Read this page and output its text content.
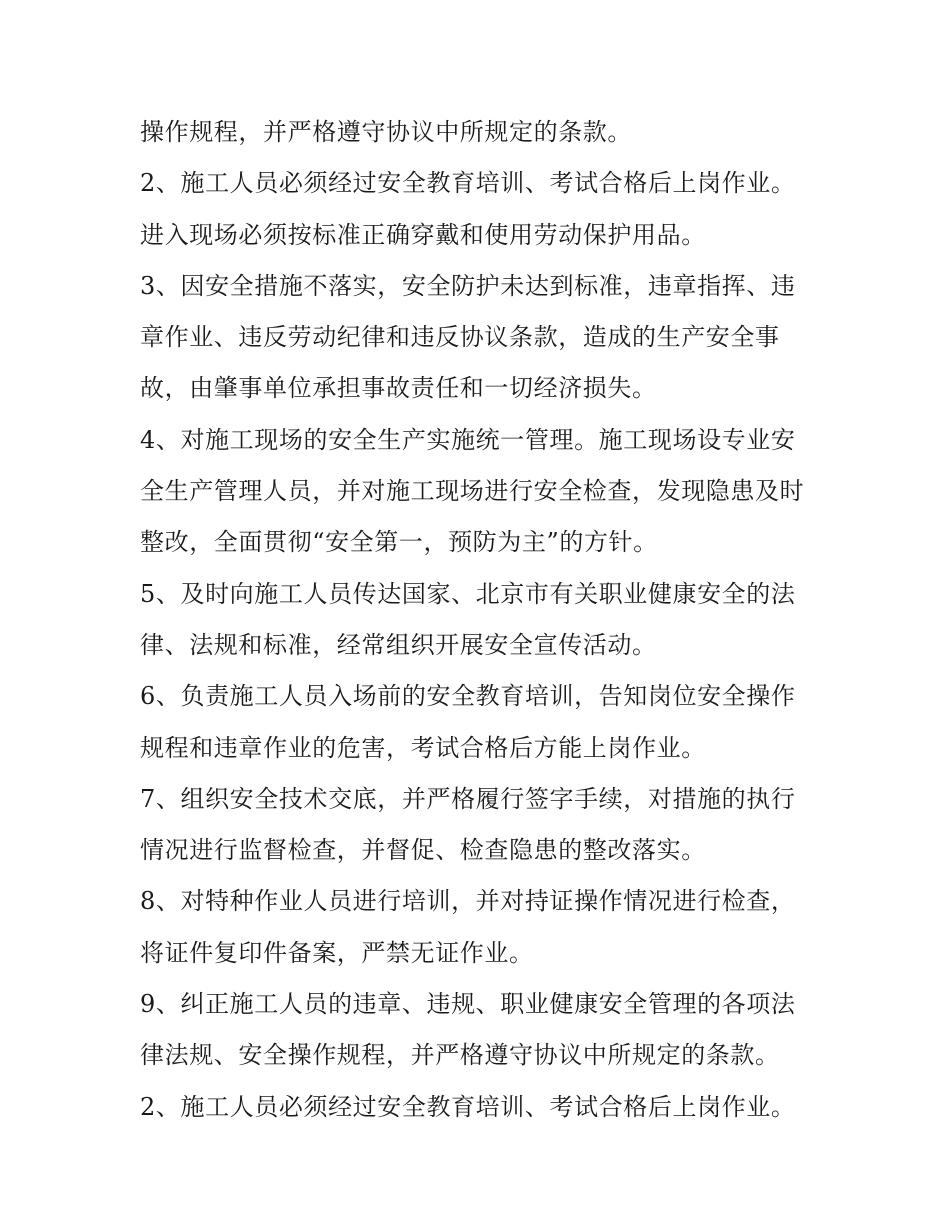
操作规程，并严格遵守协议中所规定的条款。
2、施工人员必须经过安全教育培训、考试合格后上岗作业。
进入现场必须按标准正确穿戴和使用劳动保护用品。
3、因安全措施不落实，安全防护未达到标准，违章指挥、违
章作业、违反劳动纪律和违反协议条款，造成的生产安全事
故，由肇事单位承担事故责任和一切经济损失。
4、对施工现场的安全生产实施统一管理。施工现场设专业安
全生产管理人员，并对施工现场进行安全检查，发现隐患及时
整改，全面贯彻“安全第一，预防为主”的方针。
5、及时向施工人员传达国家、北京市有关职业健康安全的法
律、法规和标准，经常组织开展安全宣传活动。
6、负责施工人员入场前的安全教育培训，告知岗位安全操作
规程和违章作业的危害，考试合格后方能上岗作业。
7、组织安全技术交底，并严格履行签字手续，对措施的执行
情况进行监督检查，并督促、检查隐患的整改落实。
8、对特种作业人员进行培训，并对持证操作情况进行检查，
将证件复印件备案，严禁无证作业。
9、纠正施工人员的违章、违规、职业健康安全管理的各项法
律法规、安全操作规程，并严格遵守协议中所规定的条款。
2、施工人员必须经过安全教育培训、考试合格后上岗作业。
